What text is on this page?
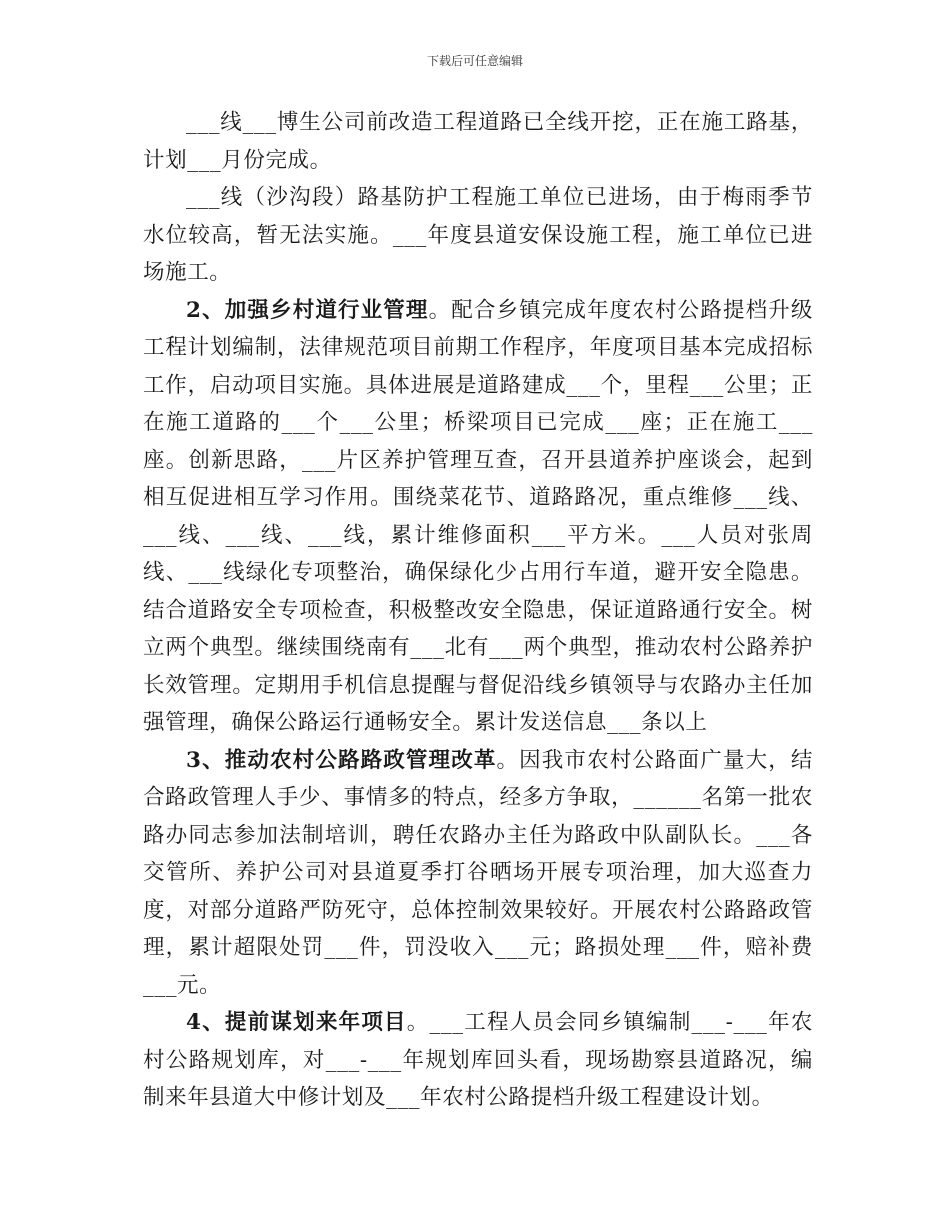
下载后可任意编辑

___线___博生公司前改造工程道路已全线开挖，正在施工路基，计划___月份完成。

___线（沙沟段）路基防护工程施工单位已进场，由于梅雨季节水位较高，暂无法实施。___年度县道安保设施工程，施工单位已进场施工。

2、加强乡村道行业管理。配合乡镇完成年度农村公路提档升级工程计划编制，法律规范项目前期工作程序，年度项目基本完成招标工作，启动项目实施。具体进展是道路建成___个，里程___公里；正在施工道路的___个___公里；桥梁项目已完成___座；正在施工___座。创新思路，___片区养护管理互查，召开县道养护座谈会，起到相互促进相互学习作用。围绕菜花节、道路路况，重点维修___线、___线、___线、___线，累计维修面积___平方米。___人员对张周线、___线绿化专项整治，确保绿化少占用行车道，避开安全隐患。结合道路安全专项检查，积极整改安全隐患，保证道路通行安全。树立两个典型。继续围绕南有___北有___两个典型，推动农村公路养护长效管理。定期用手机信息提醒与督促沿线乡镇领导与农路办主任加强管理，确保公路运行通畅安全。累计发送信息___条以上

3、推动农村公路路政管理改革。因我市农村公路面广量大，结合路政管理人手少、事情多的特点，经多方争取，______名第一批农路办同志参加法制培训，聘任农路办主任为路政中队副队长。___各交管所、养护公司对县道夏季打谷晒场开展专项治理，加大巡查力度，对部分道路严防死守，总体控制效果较好。开展农村公路路政管理，累计超限处罚___件，罚没收入___元；路损处理___件，赔补费___元。

4、提前谋划来年项目。___工程人员会同乡镇编制___-___年农村公路规划库，对___-___年规划库回头看，现场勘察县道路况，编制来年县道大中修计划及___年农村公路提档升级工程建设计划。
